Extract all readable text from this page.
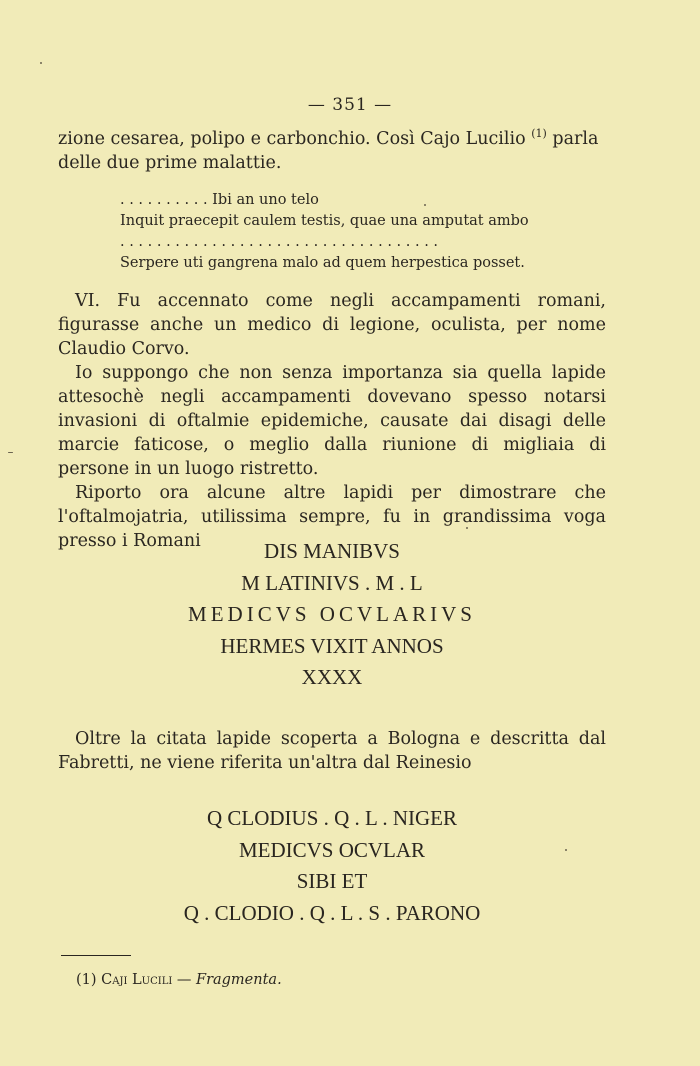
— 351 —

zione cesarea, polipo e carbonchio. Così Cajo Lucilio $^{(1)}$ parla

delle due prime malattie.

. . . . . . . . . . Ibi an uno telo
Inquit praecepit caulem testis, quae una amputat ambo
. . . . . . . . . . . . . . . . . . . . . . . . . . . . . . . . . . .
Serpere uti gangrena malo ad quem herpestica posset.

VI. Fu accennato come negli accampamenti romani, figurasse anche un medico di legione, oculista, per nome Claudio Corvo.

Io suppongo che non senza importanza sia quella lapide attesochè negli accampamenti dovevano spesso notarsi invasioni di oftalmie epidemiche, causate dai disagi delle marcie faticose, o meglio dalla riunione di migliaia di persone in un luogo ristretto.

Riporto ora alcune altre lapidi per dimostrare che l'oftalmojatria, utilissima sempre, fu in grandissima voga presso i Romani	DIS MANIBVS
M LATINIVS . M . L
MEDICVS OCVLARIVS
HERMES VIXIT ANNOS
XXXX

Oltre la citata lapide scoperta a Bologna e descritta dal Fabretti, ne viene riferita un'altra dal Reinesio

Q CLODIUS . Q . L . NIGER
MEDICVS OCVLAR
SIBI ET
Q . CLODIO . Q . L . S . PARONO
(1) Caji Lucili — Fragmenta.
